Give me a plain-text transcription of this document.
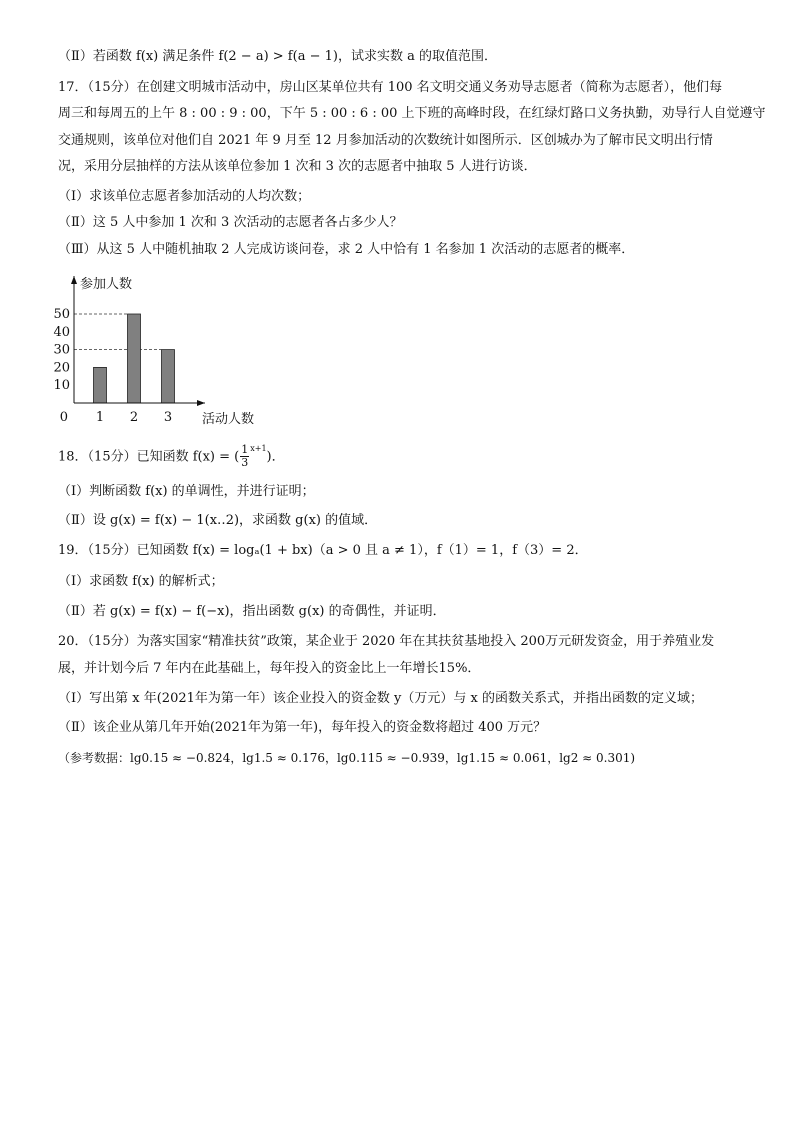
（Ⅱ）若函数 f(x) 满足条件 f(2 − a) > f(a − 1)，试求实数 a 的取值范围．
17．（15分）在创建文明城市活动中，房山区某单位共有 100 名文明交通义务劝导志愿者（简称为志愿者），他们每
周三和每周五的上午 8 : 00 : 9 : 00，下午 5 : 00 : 6 : 00 上下班的高峰时段，在红绿灯路口义务执勤，劝导行人自觉遵守
交通规则，该单位对他们自 2021 年 9 月至 12 月参加活动的次数统计如图所示．区创城办为了解市民文明出行情
况，采用分层抽样的方法从该单位参加 1 次和 3 次的志愿者中抽取 5 人进行访谈．
（Ⅰ）求该单位志愿者参加活动的人均次数；
（Ⅱ）这 5 人中参加 1 次和 3 次活动的志愿者各占多少人？
（Ⅲ）从这 5 人中随机抽取 2 人完成访谈问卷，求 2 人中恰有 1 名参加 1 次活动的志愿者的概率．
10
20
30
40
50
0 1 2 3
参加人数
活动人数
18．（15分）已知函数 f(x) = ( $\frac{1}{3} ^{x+1}$)．
（Ⅰ）判断函数 f(x) 的单调性，并进行证明；
（Ⅱ）设 g(x) = f(x) − 1(x‥2)，求函数 g(x) 的值域．
19．（15分）已知函数 f(x) = logₐ(1 + bx)（a > 0 且 a ≠ 1），f（1）= 1，f（3）= 2．
（Ⅰ）求函数 f(x) 的解析式；
（Ⅱ）若 g(x) = f(x) − f(−x)，指出函数 g(x) 的奇偶性，并证明．
20．（15分）为落实国家“精准扶贫”政策，某企业于 2020 年在其扶贫基地投入 200万元研发资金，用于养殖业发
展，并计划今后 7 年内在此基础上，每年投入的资金比上一年增长15%．
（Ⅰ）写出第 x 年(2021年为第一年）该企业投入的资金数 y（万元）与 x 的函数关系式，并指出函数的定义域；
（Ⅱ）该企业从第几年开始(2021年为第一年)，每年投入的资金数将超过 400 万元？
（参考数据：lg0.15 ≈ −0.824，lg1.5 ≈ 0.176，lg0.115 ≈ −0.939，lg1.15 ≈ 0.061，lg2 ≈ 0.301)
